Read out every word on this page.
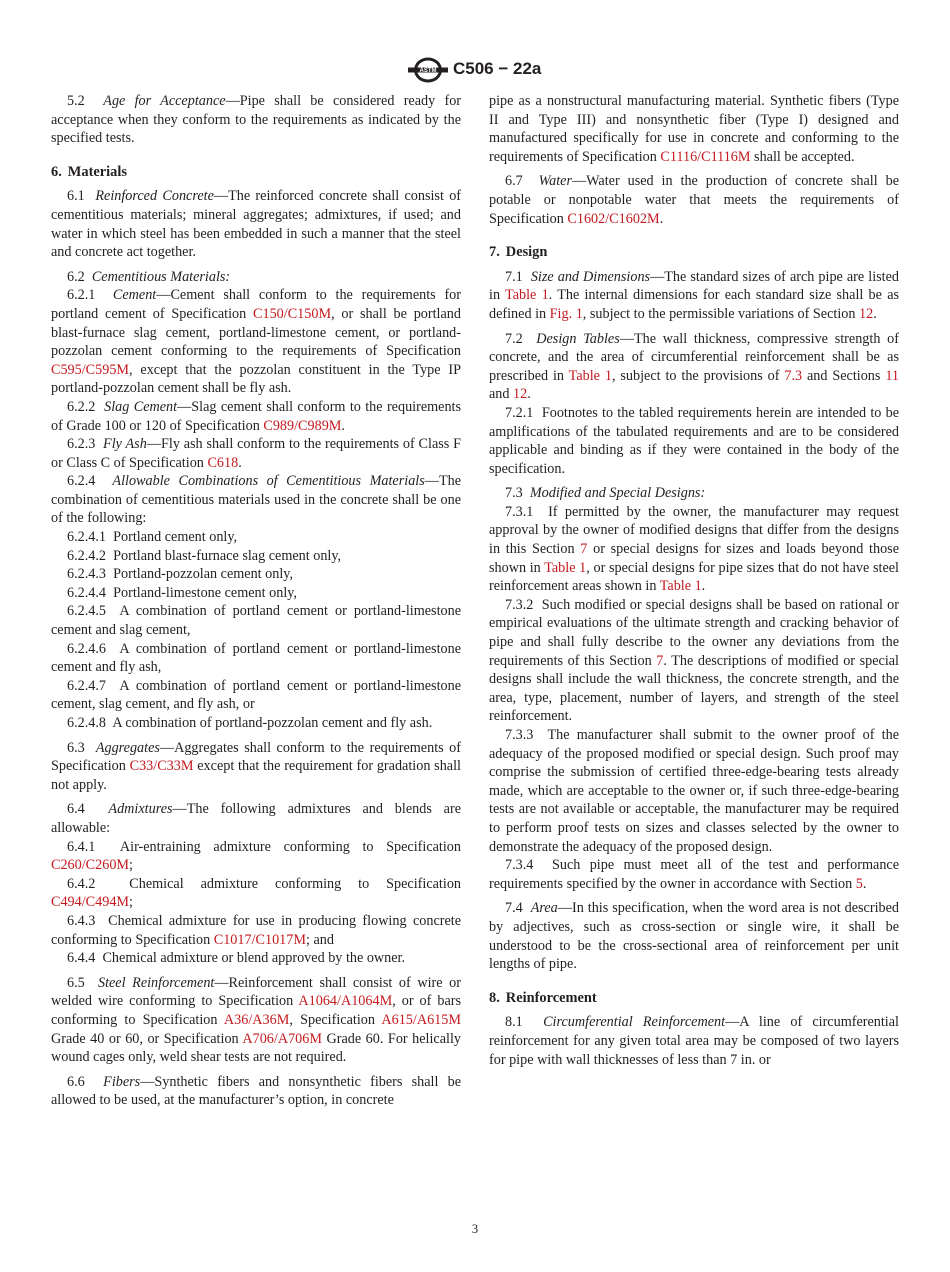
ASTM C506 − 22a

5.2 Age for Acceptance—Pipe shall be considered ready for acceptance when they conform to the requirements as indicated by the specified tests.

6. Materials

6.1 Reinforced Concrete—The reinforced concrete shall consist of cementitious materials; mineral aggregates; admixtures, if used; and water in which steel has been embedded in such a manner that the steel and concrete act together.

6.2 Cementitious Materials:

6.2.1 Cement—Cement shall conform to the requirements for portland cement of Specification C150/C150M, or shall be portland blast-furnace slag cement, portland-limestone cement, or portland-pozzolan cement conforming to the requirements of Specification C595/C595M, except that the pozzolan constituent in the Type IP portland-pozzolan cement shall be fly ash.

6.2.2 Slag Cement—Slag cement shall conform to the requirements of Grade 100 or 120 of Specification C989/C989M.

6.2.3 Fly Ash—Fly ash shall conform to the requirements of Class F or Class C of Specification C618.

6.2.4 Allowable Combinations of Cementitious Materials—The combination of cementitious materials used in the concrete shall be one of the following:

6.2.4.1 Portland cement only,

6.2.4.2 Portland blast-furnace slag cement only,

6.2.4.3 Portland-pozzolan cement only,

6.2.4.4 Portland-limestone cement only,

6.2.4.5 A combination of portland cement or portland-limestone cement and slag cement,

6.2.4.6 A combination of portland cement or portland-limestone cement and fly ash,

6.2.4.7 A combination of portland cement or portland-limestone cement, slag cement, and fly ash, or

6.2.4.8 A combination of portland-pozzolan cement and fly ash.

6.3 Aggregates—Aggregates shall conform to the requirements of Specification C33/C33M except that the requirement for gradation shall not apply.

6.4 Admixtures—The following admixtures and blends are allowable:

6.4.1 Air-entraining admixture conforming to Specification C260/C260M;

6.4.2 Chemical admixture conforming to Specification C494/C494M;

6.4.3 Chemical admixture for use in producing flowing concrete conforming to Specification C1017/C1017M; and

6.4.4 Chemical admixture or blend approved by the owner.

6.5 Steel Reinforcement—Reinforcement shall consist of wire or welded wire conforming to Specification A1064/A1064M, or of bars conforming to Specification A36/A36M, Specification A615/A615M Grade 40 or 60, or Specification A706/A706M Grade 60. For helically wound cages only, weld shear tests are not required.

6.6 Fibers—Synthetic fibers and nonsynthetic fibers shall be allowed to be used, at the manufacturer’s option, in concrete

pipe as a nonstructural manufacturing material. Synthetic fibers (Type II and Type III) and nonsynthetic fiber (Type I) designed and manufactured specifically for use in concrete and conforming to the requirements of Specification C1116/C1116M shall be accepted.

6.7 Water—Water used in the production of concrete shall be potable or nonpotable water that meets the requirements of Specification C1602/C1602M.

7. Design

7.1 Size and Dimensions—The standard sizes of arch pipe are listed in Table 1. The internal dimensions for each standard size shall be as defined in Fig. 1, subject to the permissible variations of Section 12.

7.2 Design Tables—The wall thickness, compressive strength of concrete, and the area of circumferential reinforcement shall be as prescribed in Table 1, subject to the provisions of 7.3 and Sections 11 and 12.

7.2.1 Footnotes to the tabled requirements herein are intended to be amplifications of the tabulated requirements and are to be considered applicable and binding as if they were contained in the body of the specification.

7.3 Modified and Special Designs:

7.3.1 If permitted by the owner, the manufacturer may request approval by the owner of modified designs that differ from the designs in this Section 7 or special designs for sizes and loads beyond those shown in Table 1, or special designs for pipe sizes that do not have steel reinforcement areas shown in Table 1.

7.3.2 Such modified or special designs shall be based on rational or empirical evaluations of the ultimate strength and cracking behavior of pipe and shall fully describe to the owner any deviations from the requirements of this Section 7. The descriptions of modified or special designs shall include the wall thickness, the concrete strength, and the area, type, placement, number of layers, and strength of the steel reinforcement.

7.3.3 The manufacturer shall submit to the owner proof of the adequacy of the proposed modified or special design. Such proof may comprise the submission of certified three-edge-bearing tests already made, which are acceptable to the owner or, if such three-edge-bearing tests are not available or acceptable, the manufacturer may be required to perform proof tests on sizes and classes selected by the owner to demonstrate the adequacy of the proposed design.

7.3.4 Such pipe must meet all of the test and performance requirements specified by the owner in accordance with Section 5.

7.4 Area—In this specification, when the word area is not described by adjectives, such as cross-section or single wire, it shall be understood to be the cross-sectional area of reinforcement per unit lengths of pipe.

8. Reinforcement

8.1 Circumferential Reinforcement—A line of circumferential reinforcement for any given total area may be composed of two layers for pipe with wall thicknesses of less than 7 in. or

3
